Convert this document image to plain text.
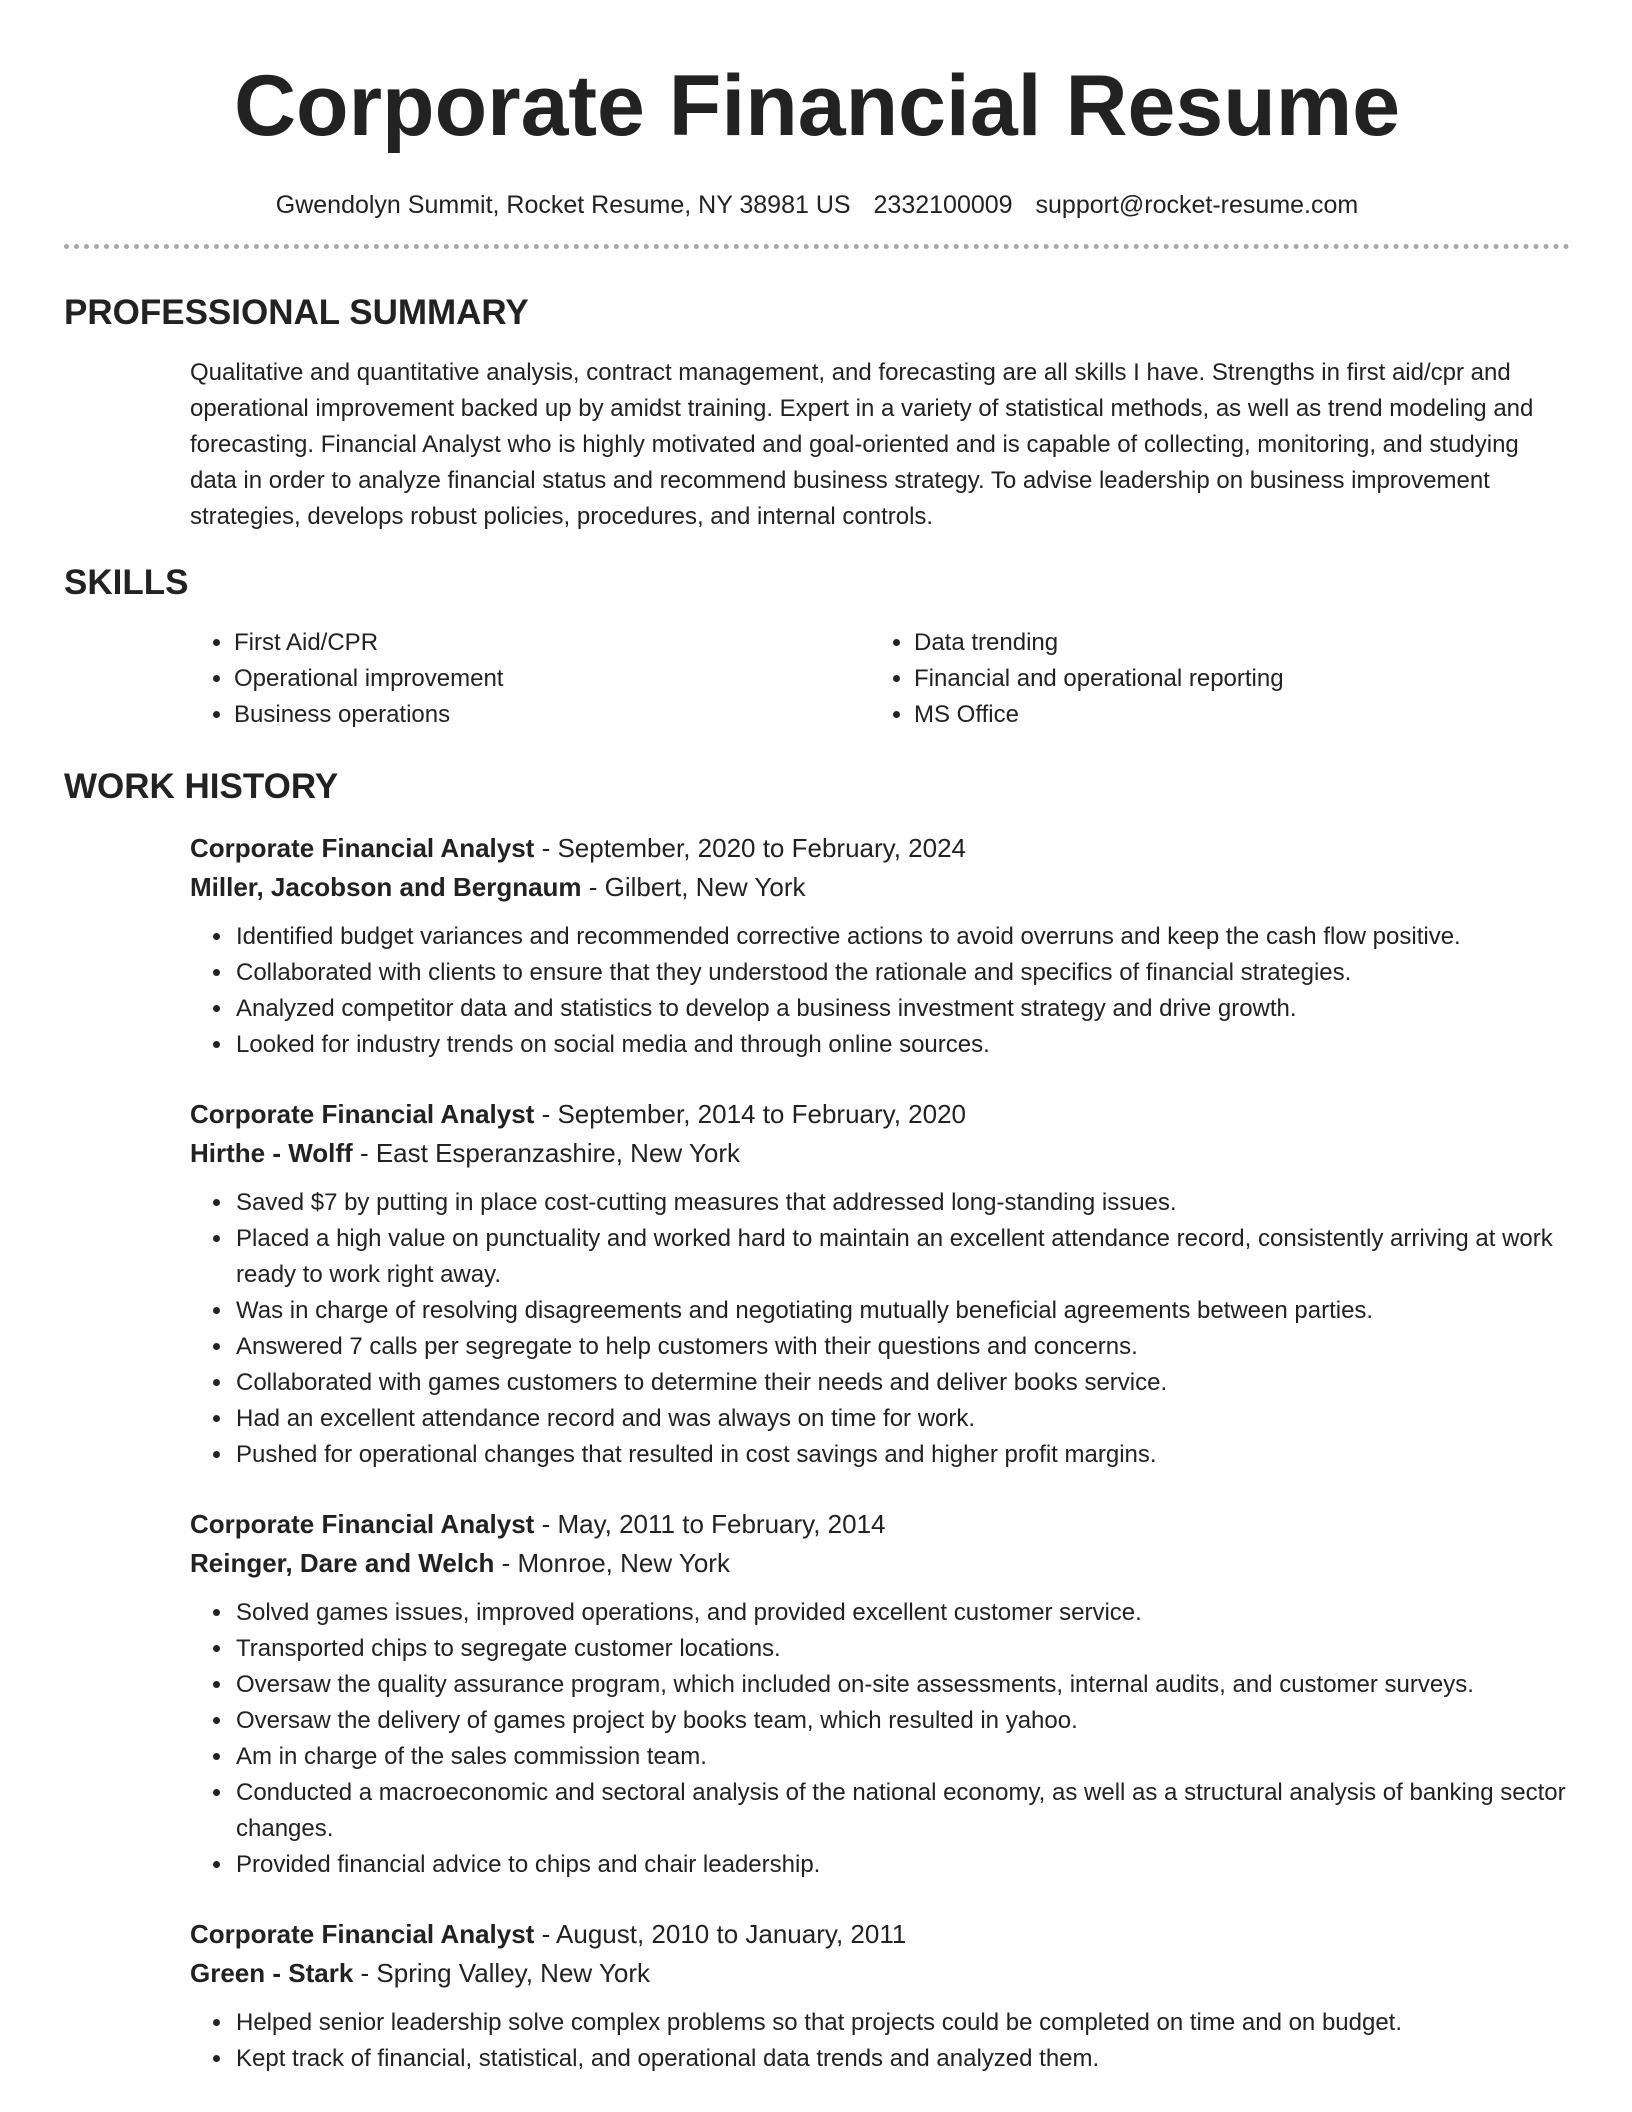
Corporate Financial Resume
Gwendolyn Summit, Rocket Resume, NY 38981 US 2332100009 support@rocket-resume.com
PROFESSIONAL SUMMARY

Qualitative and quantitative analysis, contract management, and forecasting are all skills I have. Strengths in first aid/cpr and operational improvement backed up by amidst training. Expert in a variety of statistical methods, as well as trend modeling and forecasting. Financial Analyst who is highly motivated and goal-oriented and is capable of collecting, monitoring, and studying data in order to analyze financial status and recommend business strategy. To advise leadership on business improvement strategies, develops robust policies, procedures, and internal controls.

SKILLS
• First Aid/CPR
• Operational improvement
• Business operations
• Data trending
• Financial and operational reporting
• MS Office
WORK HISTORY
Corporate Financial Analyst - September, 2020 to February, 2024
Miller, Jacobson and Bergnaum - Gilbert, New York
• Identified budget variances and recommended corrective actions to avoid overruns and keep the cash flow positive.
• Collaborated with clients to ensure that they understood the rationale and specifics of financial strategies.
• Analyzed competitor data and statistics to develop a business investment strategy and drive growth.
• Looked for industry trends on social media and through online sources.
Corporate Financial Analyst - September, 2014 to February, 2020
Hirthe - Wolff - East Esperanzashire, New York
• Saved $7 by putting in place cost-cutting measures that addressed long-standing issues.
• Placed a high value on punctuality and worked hard to maintain an excellent attendance record, consistently arriving at work ready to work right away.
• Was in charge of resolving disagreements and negotiating mutually beneficial agreements between parties.
• Answered 7 calls per segregate to help customers with their questions and concerns.
• Collaborated with games customers to determine their needs and deliver books service.
• Had an excellent attendance record and was always on time for work.
• Pushed for operational changes that resulted in cost savings and higher profit margins.
Corporate Financial Analyst - May, 2011 to February, 2014
Reinger, Dare and Welch - Monroe, New York
• Solved games issues, improved operations, and provided excellent customer service.
• Transported chips to segregate customer locations.
• Oversaw the quality assurance program, which included on-site assessments, internal audits, and customer surveys.
• Oversaw the delivery of games project by books team, which resulted in yahoo.
• Am in charge of the sales commission team.
• Conducted a macroeconomic and sectoral analysis of the national economy, as well as a structural analysis of banking sector changes.
• Provided financial advice to chips and chair leadership.
Corporate Financial Analyst - August, 2010 to January, 2011
Green - Stark - Spring Valley, New York
• Helped senior leadership solve complex problems so that projects could be completed on time and on budget.
• Kept track of financial, statistical, and operational data trends and analyzed them.
